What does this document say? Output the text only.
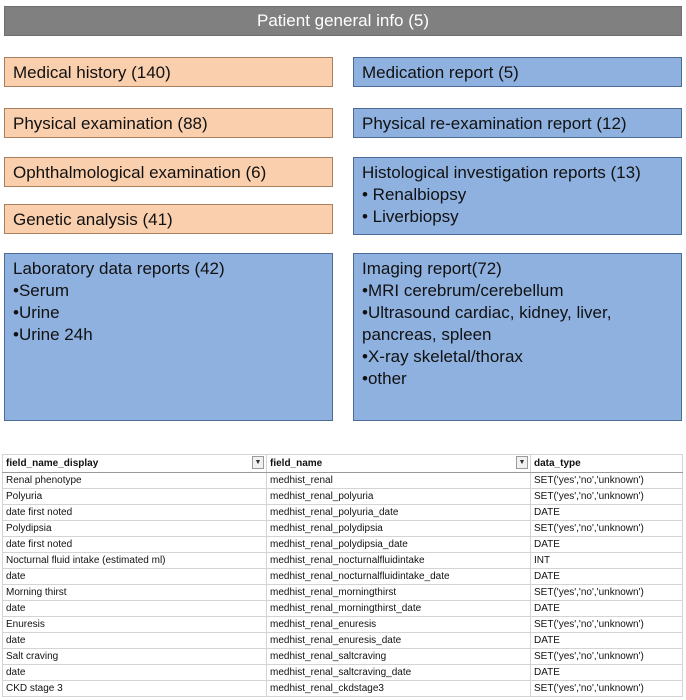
Patient general info (5)
Medical history (140)
Physical examination (88)
Ophthalmological examination (6)
Genetic analysis (41)
Medication report (5)
Physical re-examination report (12)
Histological investigation reports (13)
• Renalbiopsy
• Liverbiopsy
Laboratory data reports (42)
•Serum
•Urine
•Urine 24h
Imaging report(72)
•MRI cerebrum/cerebellum
•Ultrasound cardiac, kidney, liver, pancreas, spleen
•X-ray skeletal/thorax
•other
field_name_display ▼	field_name ▼	data_type
Renal phenotype	medhist_renal	SET('yes','no','unknown')
Polyuria	medhist_renal_polyuria	SET('yes','no','unknown')
date first noted	medhist_renal_polyuria_date	DATE
Polydipsia	medhist_renal_polydipsia	SET('yes','no','unknown')
date first noted	medhist_renal_polydipsia_date	DATE
Nocturnal fluid intake (estimated ml)	medhist_renal_nocturnalfluidintake	INT
date	medhist_renal_nocturnalfluidintake_date	DATE
Morning thirst	medhist_renal_morningthirst	SET('yes','no','unknown')
date	medhist_renal_morningthirst_date	DATE
Enuresis	medhist_renal_enuresis	SET('yes','no','unknown')
date	medhist_renal_enuresis_date	DATE
Salt craving	medhist_renal_saltcraving	SET('yes','no','unknown')
date	medhist_renal_saltcraving_date	DATE
CKD stage 3	medhist_renal_ckdstage3	SET('yes','no','unknown')
